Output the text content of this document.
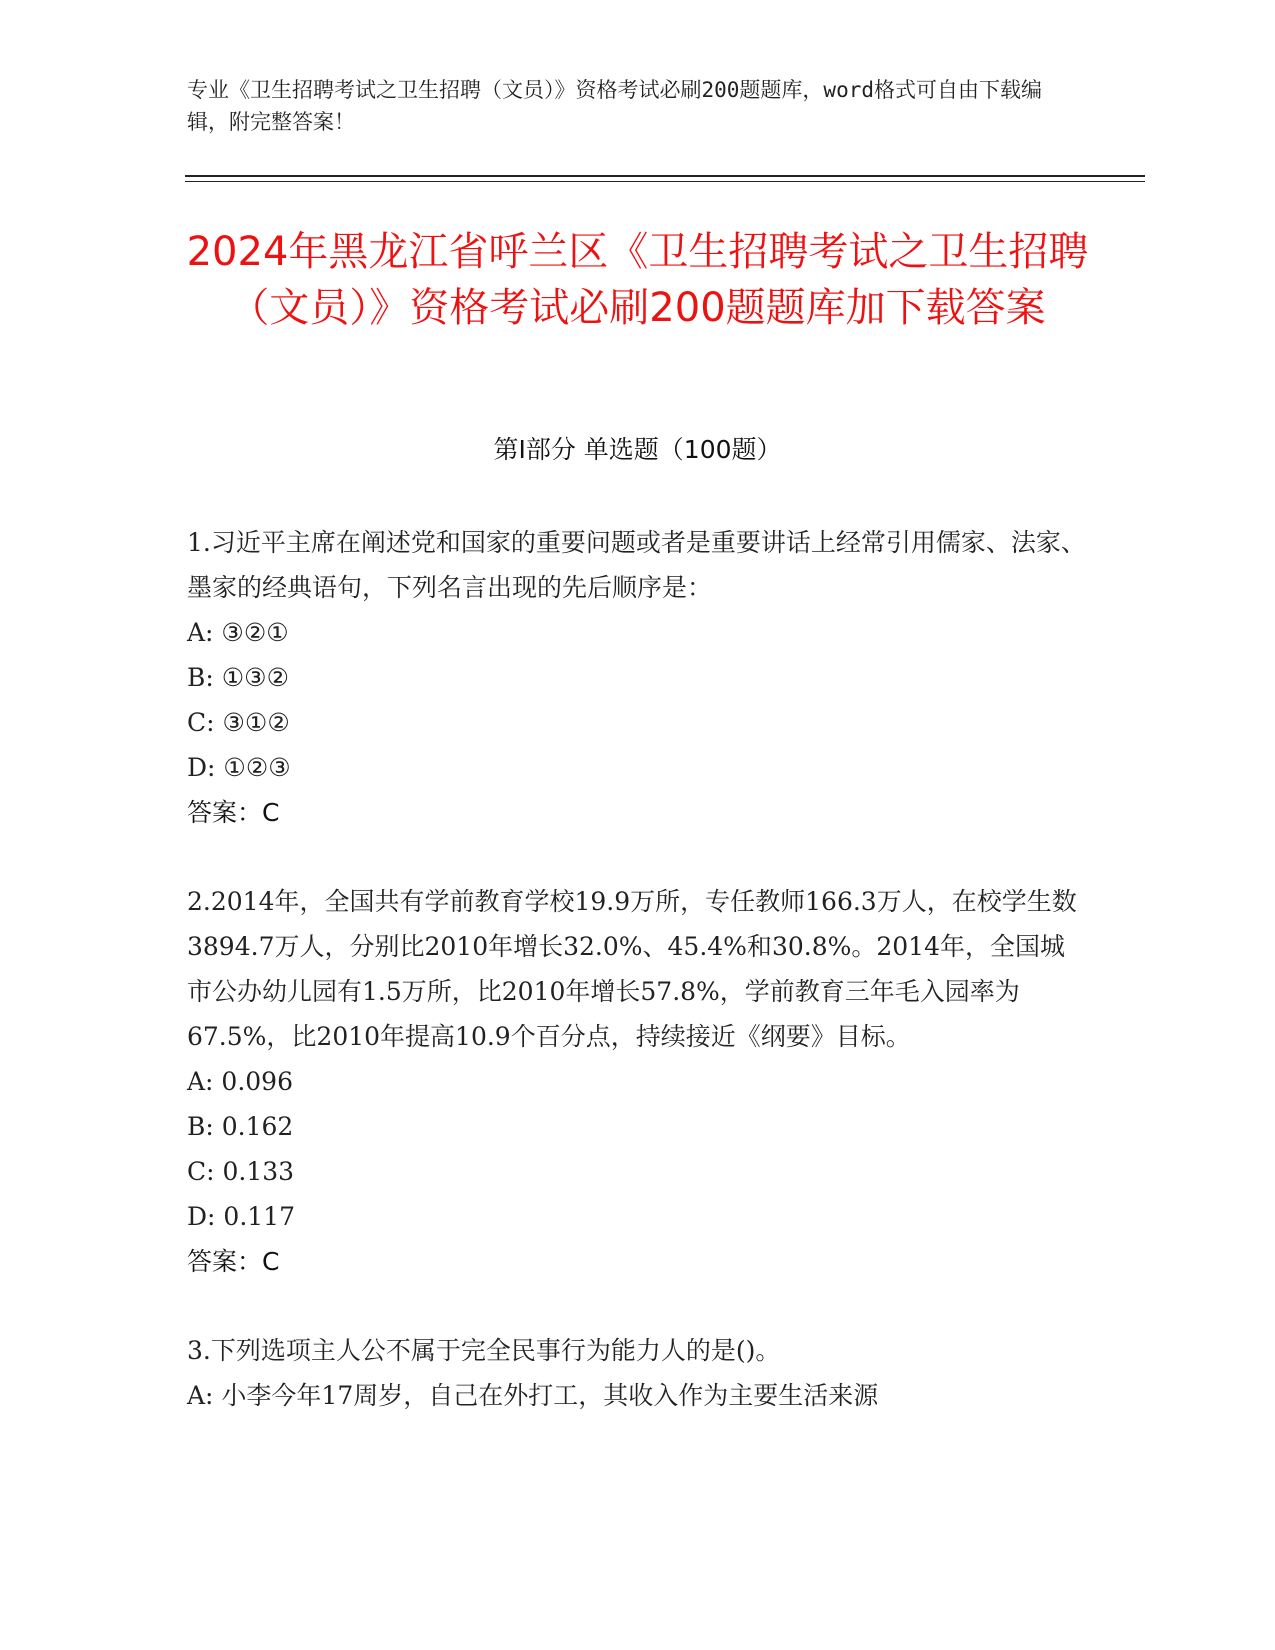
专业《卫生招聘考试之卫生招聘（文员）》资格考试必刷200题题库，word格式可自由下载编辑，附完整答案！
2024年黑龙江省呼兰区《卫生招聘考试之卫生招聘（文员）》资格考试必刷200题题库加下载答案
第I部分 单选题（100题）
1.习近平主席在阐述党和国家的重要问题或者是重要讲话上经常引用儒家、法家、墨家的经典语句，下列名言出现的先后顺序是：
A: ③②①
B: ①③②
C: ③①②
D: ①②③
答案：C
2.2014年，全国共有学前教育学校19.9万所，专任教师166.3万人，在校学生数3894.7万人，分别比2010年增长32.0%、45.4%和30.8%。2014年，全国城市公办幼儿园有1.5万所，比2010年增长57.8%，学前教育三年毛入园率为67.5%，比2010年提高10.9个百分点，持续接近《纲要》目标。
A: 0.096
B: 0.162
C: 0.133
D: 0.117
答案：C
3.下列选项主人公不属于完全民事行为能力人的是()。
A: 小李今年17周岁，自己在外打工，其收入作为主要生活来源
